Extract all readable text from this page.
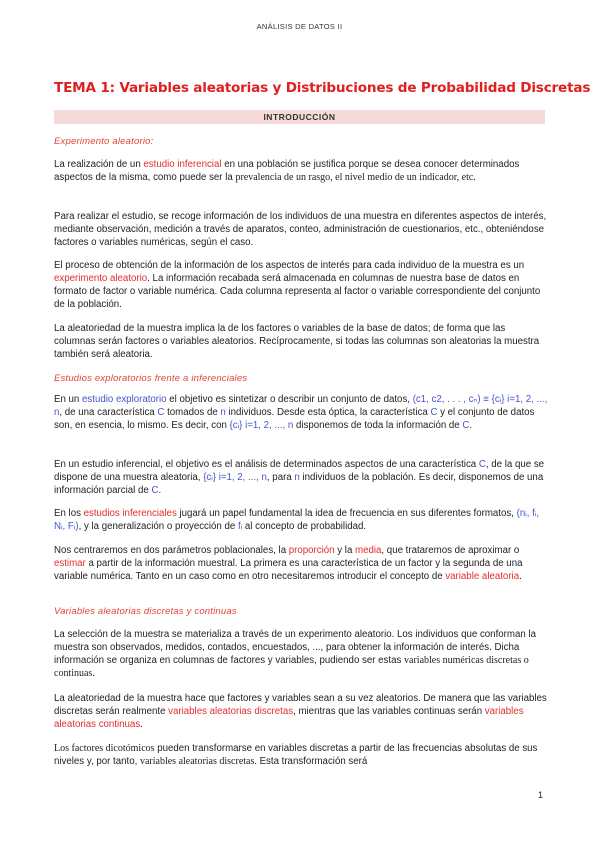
ANÁLISIS DE DATOS II
TEMA 1: Variables aleatorias y Distribuciones de Probabilidad Discretas
INTRODUCCIÓN
Experimento aleatorio:
La realización de un estudio inferencial en una población se justifica porque se desea conocer determinados aspectos de la misma, como puede ser la prevalencia de un rasgo, el nivel medio de un indicador, etc.
Para realizar el estudio, se recoge información de los individuos de una muestra en diferentes aspectos de interés, mediante observación, medición a través de aparatos, conteo, administración de cuestionarios, etc., obteniéndose factores o variables numéricas, según el caso.
El proceso de obtención de la información de los aspectos de interés para cada individuo de la muestra es un experimento aleatorio. La información recabada será almacenada en columnas de nuestra base de datos en formato de factor o variable numérica. Cada columna representa al factor o variable correspondiente del conjunto de la población.
La aleatoriedad de la muestra implica la de los factores o variables de la base de datos; de forma que las columnas serán factores o variables aleatorios. Recíprocamente, si todas las columnas son aleatorias la muestra también será aleatoria.
Estudios exploratorios frente a inferenciales
En un estudio exploratorio el objetivo es sintetizar o describir un conjunto de datos, (c1, c2, . . . , cₙ) ≡ {cᵢ} i=1, 2, ..., n, de una característica C tomados de n individuos. Desde esta óptica, la característica C y el conjunto de datos son, en esencia, lo mismo. Es decir, con {cᵢ} i=1, 2, ..., n disponemos de toda la información de C.
En un estudio inferencial, el objetivo es el análisis de determinados aspectos de una característica C, de la que se dispone de una muestra aleatoria, {cᵢ} i=1, 2, ..., n, para n individuos de la población. Es decir, disponemos de una información parcial de C.
En los estudios inferenciales jugará un papel fundamental la idea de frecuencia en sus diferentes formatos, (nᵢ, fᵢ, Nᵢ, Fᵢ), y la generalización o proyección de fᵢ al concepto de probabilidad.
Nos centraremos en dos parámetros poblacionales, la proporción y la media, que trataremos de aproximar o estimar a partir de la información muestral. La primera es una característica de un factor y la segunda de una variable numérica. Tanto en un caso como en otro necesitaremos introducir el concepto de variable aleatoria.
Variables aleatorias discretas y continuas
La selección de la muestra se materializa a través de un experimento aleatorio. Los individuos que conforman la muestra son observados, medidos, contados, encuestados, ..., para obtener la información de interés. Dicha información se organiza en columnas de factores y variables, pudiendo ser estas variables numéricas discretas o continuas.
La aleatoriedad de la muestra hace que factores y variables sean a su vez aleatorios. De manera que las variables discretas serán realmente variables aleatorias discretas, mientras que las variables continuas serán variables aleatorias continuas.
Los factores dicotómicos pueden transformarse en variables discretas a partir de las frecuencias absolutas de sus niveles y, por tanto, variables aleatorias discretas. Esta transformación será
1
